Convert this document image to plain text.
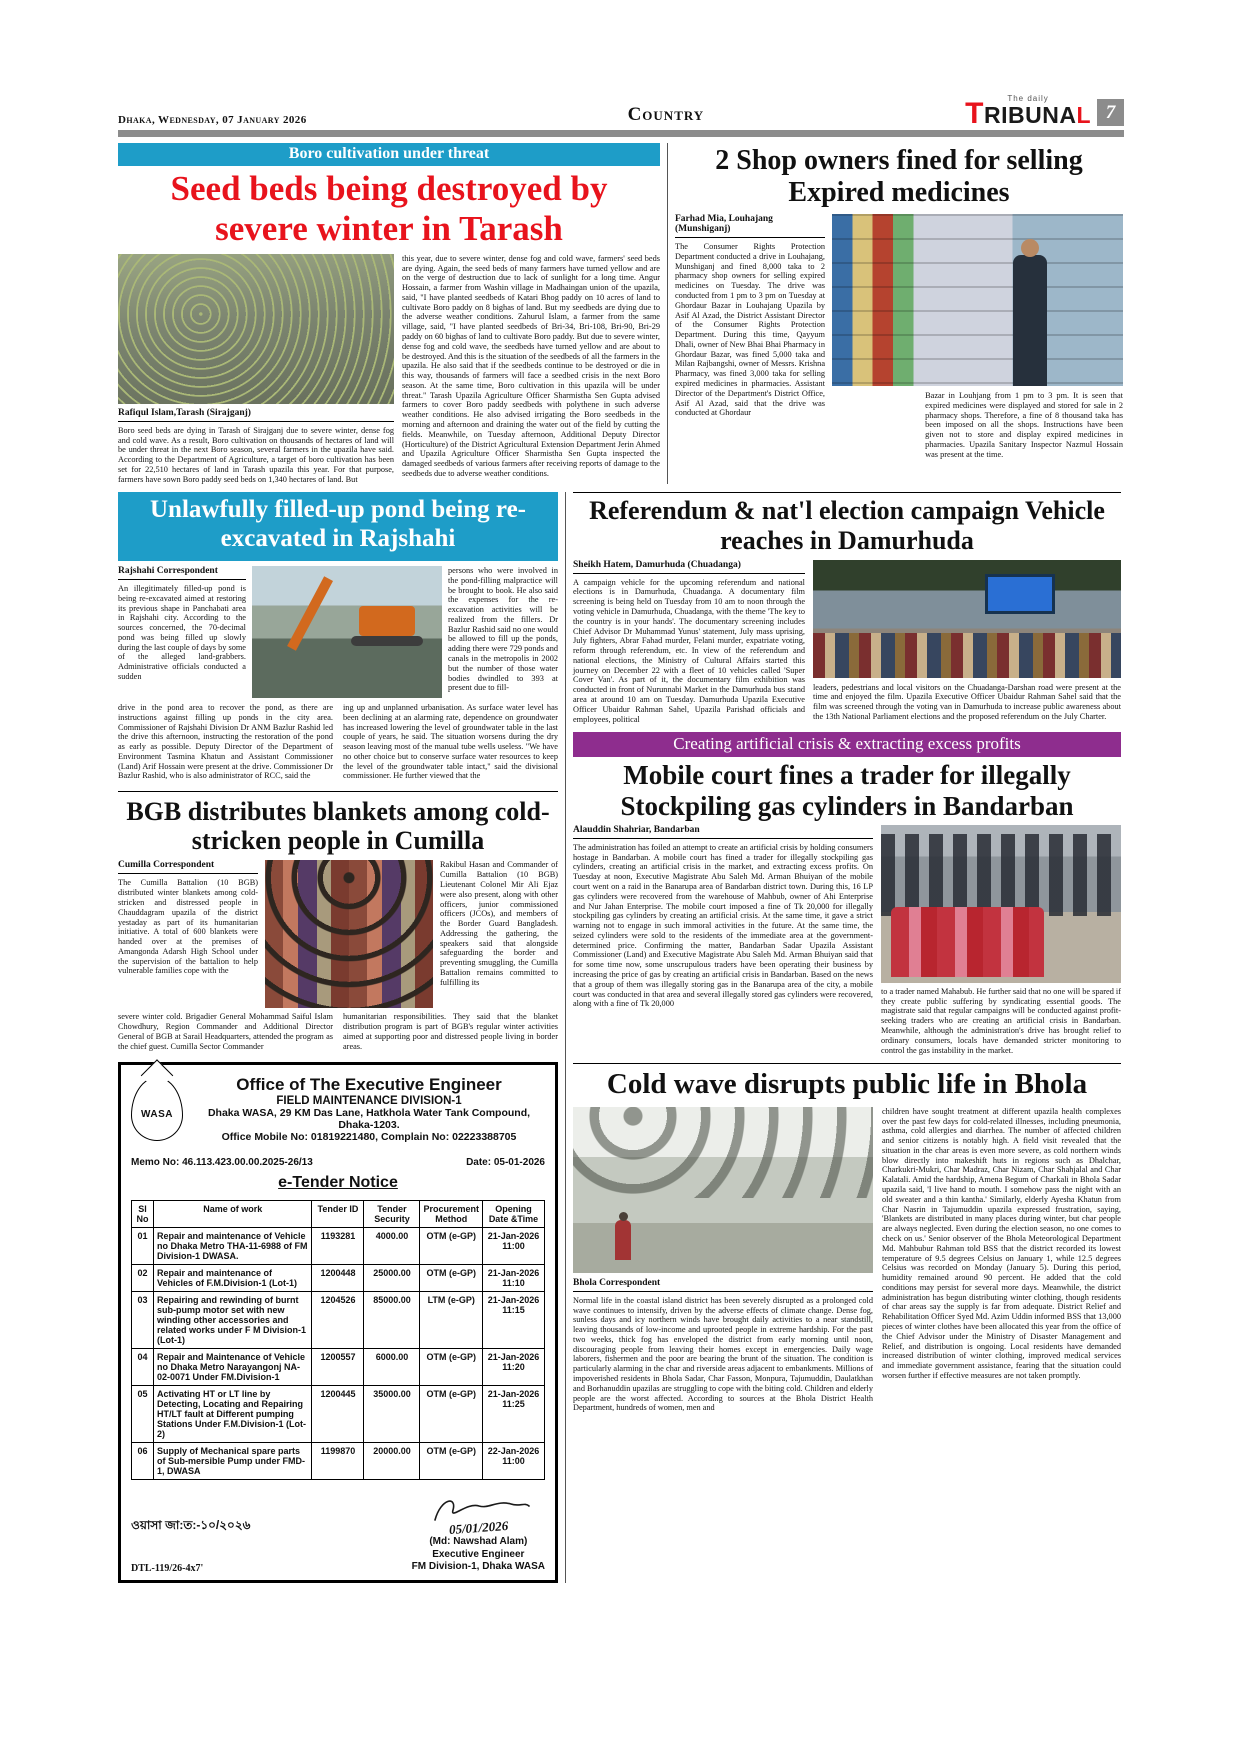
Dhaka, Wednesday, 07 January 2026	Country
The daily
TRIBUNAL 7
Boro cultivation under threat
Seed beds being destroyed by severe winter in Tarash
Rafiqul Islam,Tarash (Sirajganj)

Boro seed beds are dying in Tarash of Sirajganj due to severe winter, dense fog and cold wave. As a result, Boro cultivation on thousands of hectares of land will be under threat in the next Boro season, several farmers in the upazila have said. According to the Department of Agriculture, a target of boro cultivation has been set for 22,510 hectares of land in Tarash upazila this year. For that purpose, farmers have sown Boro paddy seed beds on 1,340 hectares of land. But

this year, due to severe winter, dense fog and cold wave, farmers' seed beds are dying. Again, the seed beds of many farmers have turned yellow and are on the verge of destruction due to lack of sunlight for a long time. Angur Hossain, a farmer from Washin village in Madhaingan union of the upazila, said, "I have planted seedbeds of Katari Bhog paddy on 10 acres of land to cultivate Boro paddy on 8 bighas of land. But my seedbeds are dying due to the adverse weather conditions. Zahurul Islam, a farmer from the same village, said, "I have planted seedbeds of Bri-34, Bri-108, Bri-90, Bri-29 paddy on 60 bighas of land to cultivate Boro paddy. But due to severe winter, dense fog and cold wave, the seedbeds have turned yellow and are about to be destroyed. And this is the situation of the seedbeds of all the farmers in the upazila. He also said that if the seedbeds continue to be destroyed or die in this way, thousands of farmers will face a seedbed crisis in the next Boro season. At the same time, Boro cultivation in this upazila will be under threat." Tarash Upazila Agriculture Officer Sharmistha Sen Gupta advised farmers to cover Boro paddy seedbeds with polythene in such adverse weather conditions. He also advised irrigating the Boro seedbeds in the morning and afternoon and draining the water out of the field by cutting the fields. Meanwhile, on Tuesday afternoon, Additional Deputy Director (Horticulture) of the District Agricultural Extension Department Jerin Ahmed and Upazila Agriculture Officer Sharmistha Sen Gupta inspected the damaged seedbeds of various farmers after receiving reports of damage to the seedbeds due to adverse weather conditions.

2 Shop owners fined for selling Expired medicines
Farhad Mia, Louhajang (Munshiganj)

The Consumer Rights Protection Department conducted a drive in Louhajang, Munshiganj and fined 8,000 taka to 2 pharmacy shop owners for selling expired medicines on Tuesday. The drive was conducted from 1 pm to 3 pm on Tuesday at Ghordaur Bazar in Louhajang Upazila by Asif Al Azad, the District Assistant Director of the Consumer Rights Protection Department. During this time, Qayyum Dhali, owner of New Bhai Bhai Pharmacy in Ghordaur Bazar, was fined 5,000 taka and Milan Rajbangshi, owner of Messrs. Krishna Pharmacy, was fined 3,000 taka for selling expired medicines in pharmacies. Assistant Director of the Department's District Office, Asif Al Azad, said that the drive was conducted at Ghordaur

Bazar in Louhjang from 1 pm to 3 pm. It is seen that expired medicines were displayed and stored for sale in 2 pharmacy shops. Therefore, a fine of 8 thousand taka has been imposed on all the shops. Instructions have been given not to store and display expired medicines in pharmacies. Upazila Sanitary Inspector Nazmul Hossain was present at the time.

Unlawfully filled-up pond being re-excavated in Rajshahi
Rajshahi Correspondent

An illegitimately filled-up pond is being re-excavated aimed at restoring its previous shape in Panchabati area in Rajshahi city. According to the sources concerned, the 70-decimal pond was being filled up slowly during the last couple of days by some of the alleged land-grabbers. Administrative officials conducted a sudden

persons who were involved in the pond-filling malpractice will be brought to book. He also said the expenses for the re-excavation activities will be realized from the fillers. Dr Bazlur Rashid said no one would be allowed to fill up the ponds, adding there were 729 ponds and canals in the metropolis in 2002 but the number of those water bodies dwindled to 393 at present due to fill-

drive in the pond area to recover the pond, as there are instructions against filling up ponds in the city area. Commissioner of Rajshahi Division Dr ANM Bazlur Rashid led the drive this afternoon, instructing the restoration of the pond as early as possible. Deputy Director of the Department of Environment Tasmina Khatun and Assistant Commissioner (Land) Arif Hossain were present at the drive. Commissioner Dr Bazlur Rashid, who is also administrator of RCC, said the

ing up and unplanned urbanisation. As surface water level has been declining at an alarming rate, dependence on groundwater has increased lowering the level of groundwater table in the last couple of years, he said. The situation worsens during the dry season leaving most of the manual tube wells useless. "We have no other choice but to conserve surface water resources to keep the level of the groundwater table intact," said the divisional commissioner. He further viewed that the

BGB distributes blankets among cold-stricken people in Cumilla
Cumilla Correspondent

The Cumilla Battalion (10 BGB) distributed winter blankets among cold-stricken and distressed people in Chauddagram upazila of the district yestaday as part of its humanitarian initiative. A total of 600 blankets were handed over at the premises of Amangonda Adarsh High School under the supervision of the battalion to help vulnerable families cope with the

Rakibul Hasan and Commander of Cumilla Battalion (10 BGB) Lieutenant Colonel Mir Ali Ejaz were also present, along with other officers, junior commissioned officers (JCOs), and members of the Border Guard Bangladesh. Addressing the gathering, the speakers said that alongside safeguarding the border and preventing smuggling, the Cumilla Battalion remains committed to fulfilling its

severe winter cold. Brigadier General Mohammad Saiful Islam Chowdhury, Region Commander and Additional Director General of BGB at Sarail Headquarters, attended the program as the chief guest. Cumilla Sector Commander

humanitarian responsibilities. They said that the blanket distribution program is part of BGB's regular winter activities aimed at supporting poor and distressed people living in border areas.

WASA
Office of The Executive Engineer
FIELD MAINTENANCE DIVISION-1
Dhaka WASA, 29 KM Das Lane, Hatkhola Water Tank Compound, Dhaka-1203.
Office Mobile No: 01819221480, Complain No: 02223388705
Memo No: 46.113.423.00.00.2025-26/13	Date: 05-01-2026
e-Tender Notice
Sl No	Name of work	Tender ID	Tender Security	Procurement Method	Opening Date &Time
01	Repair and maintenance of Vehicle no Dhaka Metro THA-11-6988 of FM Division-1 DWASA.	1193281	4000.00	OTM (e-GP)	21-Jan-2026 11:00
02	Repair and maintenance of Vehicles of F.M.Division-1 (Lot-1)	1200448	25000.00	OTM (e-GP)	21-Jan-2026 11:10
03	Repairing and rewinding of burnt sub-pump motor set with new winding other accessories and related works under F M Division-1 (Lot-1)	1204526	85000.00	LTM (e-GP)	21-Jan-2026 11:15
04	Repair and Maintenance of Vehicle no Dhaka Metro Narayangonj NA-02-0071 Under FM.Division-1	1200557	6000.00	OTM (e-GP)	21-Jan-2026 11:20
05	Activating HT or LT line by Detecting, Locating and Repairing HT/LT fault at Different pumping Stations Under F.M.Division-1 (Lot-2)	1200445	35000.00	OTM (e-GP)	21-Jan-2026 11:25
06	Supply of Mechanical spare parts of Sub-mersible Pump under FMD-1, DWASA	1199870	20000.00	OTM (e-GP)	22-Jan-2026 11:00
ওয়াসা জা:ত:-১০/২০২৬
DTL-119/26-4x7'
05/01/2026
(Md: Nawshad Alam)
Executive Engineer
FM Division-1, Dhaka WASA
Referendum & nat'l election campaign Vehicle reaches in Damurhuda
Sheikh Hatem, Damurhuda (Chuadanga)

A campaign vehicle for the upcoming referendum and national elections is in Damurhuda, Chuadanga. A documentary film screening is being held on Tuesday from 10 am to noon through the voting vehicle in Damurhuda, Chuadanga, with the theme 'The key to the country is in your hands'. The documentary screening includes Chief Advisor Dr Muhammad Yunus' statement, July mass uprising, July fighters, Abrar Fahad murder, Felani murder, expatriate voting, reform through referendum, etc. In view of the referendum and national elections, the Ministry of Cultural Affairs started this journey on December 22 with a fleet of 10 vehicles called 'Super Cover Van'. As part of it, the documentary film exhibition was conducted in front of Nurunnabi Market in the Damurhuda bus stand area at around 10 am on Tuesday. Damurhuda Upazila Executive Officer Ubaidur Rahman Sahel, Upazila Parishad officials and employees, political

leaders, pedestrians and local visitors on the Chuadanga-Darshan road were present at the time and enjoyed the film. Upazila Executive Officer Ubaidur Rahman Sahel said that the film was screened through the voting van in Damurhuda to increase public awareness about the 13th National Parliament elections and the proposed referendum on the July Charter.

Creating artificial crisis & extracting excess profits
Mobile court fines a trader for illegally Stockpiling gas cylinders in Bandarban
Alauddin Shahriar, Bandarban

The administration has foiled an attempt to create an artificial crisis by holding consumers hostage in Bandarban. A mobile court has fined a trader for illegally stockpiling gas cylinders, creating an artificial crisis in the market, and extracting excess profits. On Tuesday at noon, Executive Magistrate Abu Saleh Md. Arman Bhuiyan of the mobile court went on a raid in the Banarupa area of Bandarban district town. During this, 16 LP gas cylinders were recovered from the warehouse of Mahbub, owner of Ahi Enterprise and Nur Jahan Enterprise. The mobile court imposed a fine of Tk 20,000 for illegally stockpiling gas cylinders by creating an artificial crisis. At the same time, it gave a strict warning not to engage in such immoral activities in the future. At the same time, the seized cylinders were sold to the residents of the immediate area at the government-determined price. Confirming the matter, Bandarban Sadar Upazila Assistant Commissioner (Land) and Executive Magistrate Abu Saleh Md. Arman Bhuiyan said that for some time now, some unscrupulous traders have been operating their business by increasing the price of gas by creating an artificial crisis in Bandarban. Based on the news that a group of them was illegally storing gas in the Banarupa area of the city, a mobile court was conducted in that area and several illegally stored gas cylinders were recovered, along with a fine of Tk 20,000

to a trader named Mahabub. He further said that no one will be spared if they create public suffering by syndicating essential goods. The magistrate said that regular campaigns will be conducted against profit-seeking traders who are creating an artificial crisis in Bandarban. Meanwhile, although the administration's drive has brought relief to ordinary consumers, locals have demanded stricter monitoring to control the gas instability in the market.

Cold wave disrupts public life in Bhola
Bhola Correspondent

Normal life in the coastal island district has been severely disrupted as a prolonged cold wave continues to intensify, driven by the adverse effects of climate change. Dense fog, sunless days and icy northern winds have brought daily activities to a near standstill, leaving thousands of low-income and uprooted people in extreme hardship. For the past two weeks, thick fog has enveloped the district from early morning until noon, discouraging people from leaving their homes except in emergencies. Daily wage laborers, fishermen and the poor are bearing the brunt of the situation. The condition is particularly alarming in the char and riverside areas adjacent to embankments. Millions of impoverished residents in Bhola Sadar, Char Fasson, Monpura, Tajumuddin, Daulatkhan and Borhanuddin upazilas are struggling to cope with the biting cold. Children and elderly people are the worst affected. According to sources at the Bhola District Health Department, hundreds of women, men and

children have sought treatment at different upazila health complexes over the past few days for cold-related illnesses, including pneumonia, asthma, cold allergies and diarrhea. The number of affected children and senior citizens is notably high. A field visit revealed that the situation in the char areas is even more severe, as cold northern winds blow directly into makeshift huts in regions such as Dhalchar, Charkukri-Mukri, Char Madraz, Char Nizam, Char Shahjalal and Char Kalatali. Amid the hardship, Amena Begum of Charkali in Bhola Sadar upazila said, 'I live hand to mouth. I somehow pass the night with an old sweater and a thin kantha.' Similarly, elderly Ayesha Khatun from Char Nasrin in Tajumuddin upazila expressed frustration, saying, 'Blankets are distributed in many places during winter, but char people are always neglected. Even during the election season, no one comes to check on us.' Senior observer of the Bhola Meteorological Department Md. Mahbubur Rahman told BSS that the district recorded its lowest temperature of 9.5 degrees Celsius on January 1, while 12.5 degrees Celsius was recorded on Monday (January 5). During this period, humidity remained around 90 percent. He added that the cold conditions may persist for several more days. Meanwhile, the district administration has begun distributing winter clothing, though residents of char areas say the supply is far from adequate. District Relief and Rehabilitation Officer Syed Md. Azim Uddin informed BSS that 13,000 pieces of winter clothes have been allocated this year from the office of the Chief Advisor under the Ministry of Disaster Management and Relief, and distribution is ongoing. Local residents have demanded increased distribution of winter clothing, improved medical services and immediate government assistance, fearing that the situation could worsen further if effective measures are not taken promptly.
